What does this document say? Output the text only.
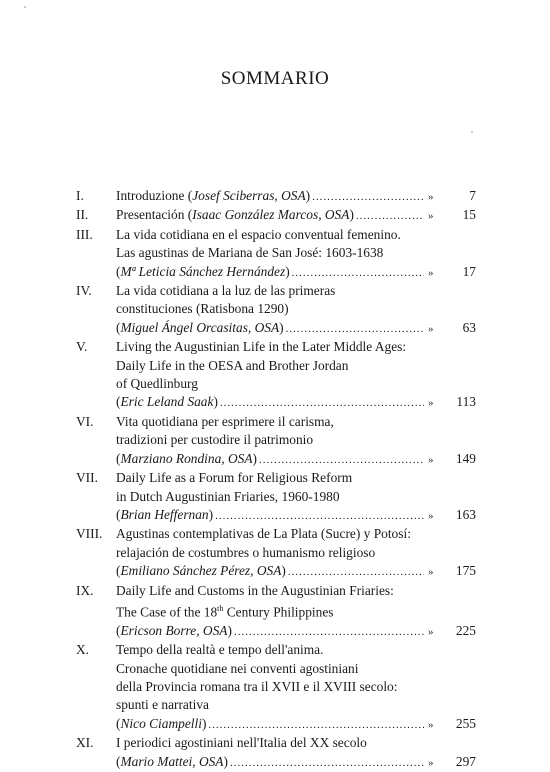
SOMMARIO
I.	Introduzione (Josef Sciberras, OSA) .....	»	7
II.	Presentación (Isaac González Marcos, OSA) .....	»	15
III.	La vida cotidiana en el espacio conventual femenino.
Las agustinas de Mariana de San José: 1603-1638
(Mª Leticia Sánchez Hernández) .....	»	17
IV.	La vida cotidiana a la luz de las primeras
constituciones (Ratisbona 1290)
(Miguel Ángel Orcasitas, OSA) .....	»	63
V.	Living the Augustinian Life in the Later Middle Ages:
Daily Life in the OESA and Brother Jordan
of Quedlinburg
(Eric Leland Saak) .....	»	113
VI.	Vita quotidiana per esprimere il carisma,
tradizioni per custodire il patrimonio
(Marziano Rondina, OSA) .....	»	149
VII.	Daily Life as a Forum for Religious Reform
in Dutch Augustinian Friaries, 1960-1980
(Brian Heffernan) .....	»	163
VIII.	Agustinas contemplativas de La Plata (Sucre) y Potosí:
relajación de costumbres o humanismo religioso
(Emiliano Sánchez Pérez, OSA) .....	»	175
IX.	Daily Life and Customs in the Augustinian Friaries:
The Case of the 18th Century Philippines
(Ericson Borre, OSA) .....	»	225
X.	Tempo della realtà e tempo dell'anima.
Cronache quotidiane nei conventi agostiniani
della Provincia romana tra il XVII e il XVIII secolo:
spunti e narrativa
(Nico Ciampelli) .....	»	255
XI.	I periodici agostiniani nell'Italia del XX secolo
(Mario Mattei, OSA) .....	»	297
